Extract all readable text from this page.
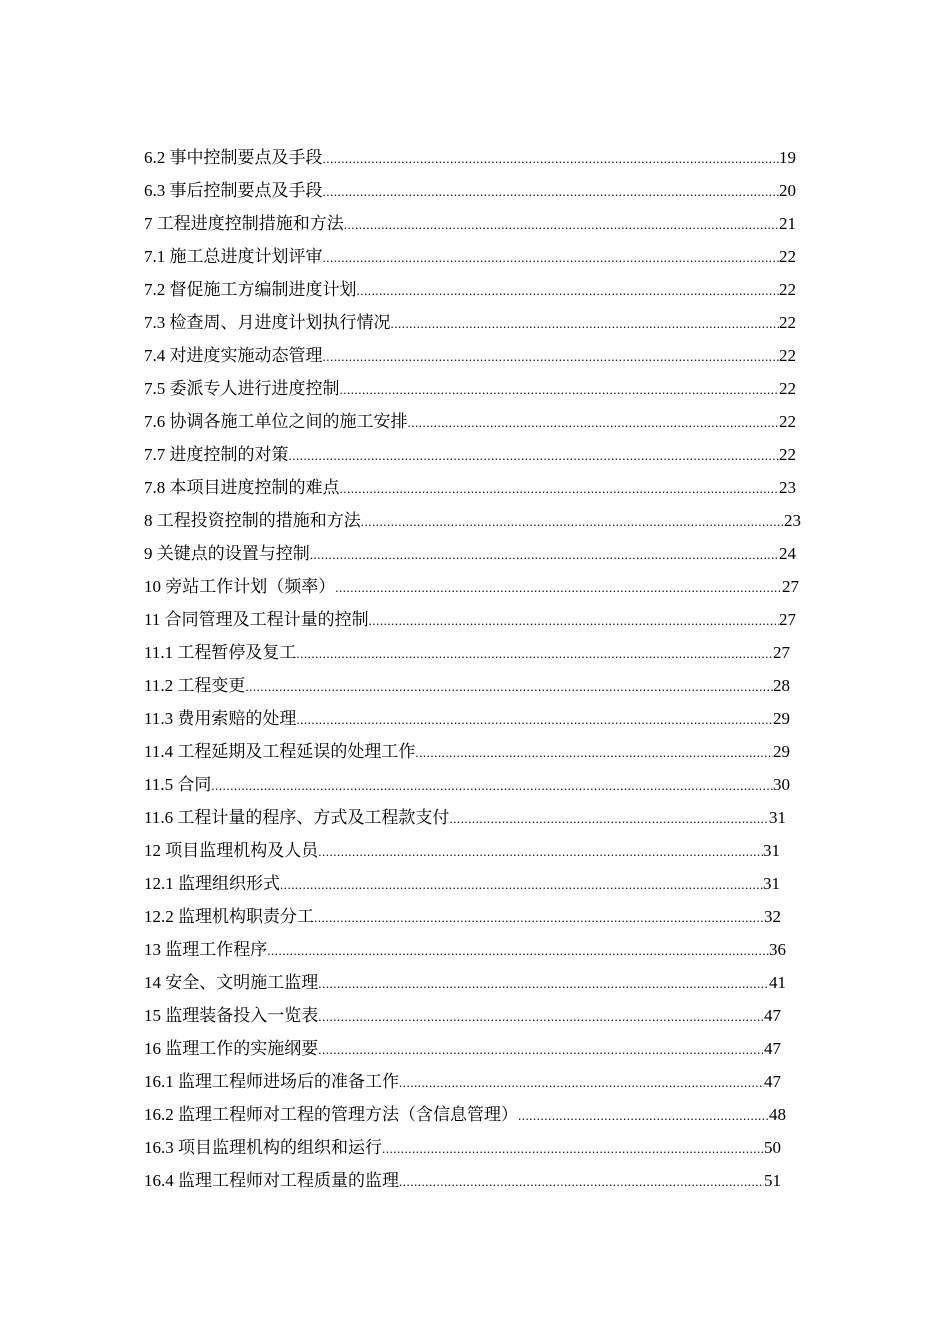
6.2 事中控制要点及手段 .....	19
6.3 事后控制要点及手段 .....	20
7 工程进度控制措施和方法 .....	21
7.1 施工总进度计划评审 .....	22
7.2 督促施工方编制进度计划 .....	22
7.3 检查周、月进度计划执行情况 .....	22
7.4 对进度实施动态管理 .....	22
7.5 委派专人进行进度控制 .....	22
7.6 协调各施工单位之间的施工安排 .....	22
7.7 进度控制的对策 .....	22
7.8 本项目进度控制的难点 .....	23
8 工程投资控制的措施和方法 .....	23
9 关键点的设置与控制 .....	24
10 旁站工作计划（频率） .....	27
11 合同管理及工程计量的控制 .....	27
11.1 工程暂停及复工 .....	27
11.2 工程变更 .....	28
11.3 费用索赔的处理 .....	29
11.4 工程延期及工程延误的处理工作 .....	29
11.5 合同 .....	30
11.6 工程计量的程序、方式及工程款支付 .....	31
12 项目监理机构及人员 .....	31
12.1 监理组织形式 .....	31
12.2 监理机构职责分工 .....	32
13 监理工作程序 .....	36
14 安全、文明施工监理 .....	41
15 监理装备投入一览表 .....	47
16 监理工作的实施纲要 .....	47
16.1 监理工程师进场后的准备工作 .....	47
16.2 监理工程师对工程的管理方法（含信息管理） .....	48
16.3 项目监理机构的组织和运行 .....	50
16.4 监理工程师对工程质量的监理 .....	51
